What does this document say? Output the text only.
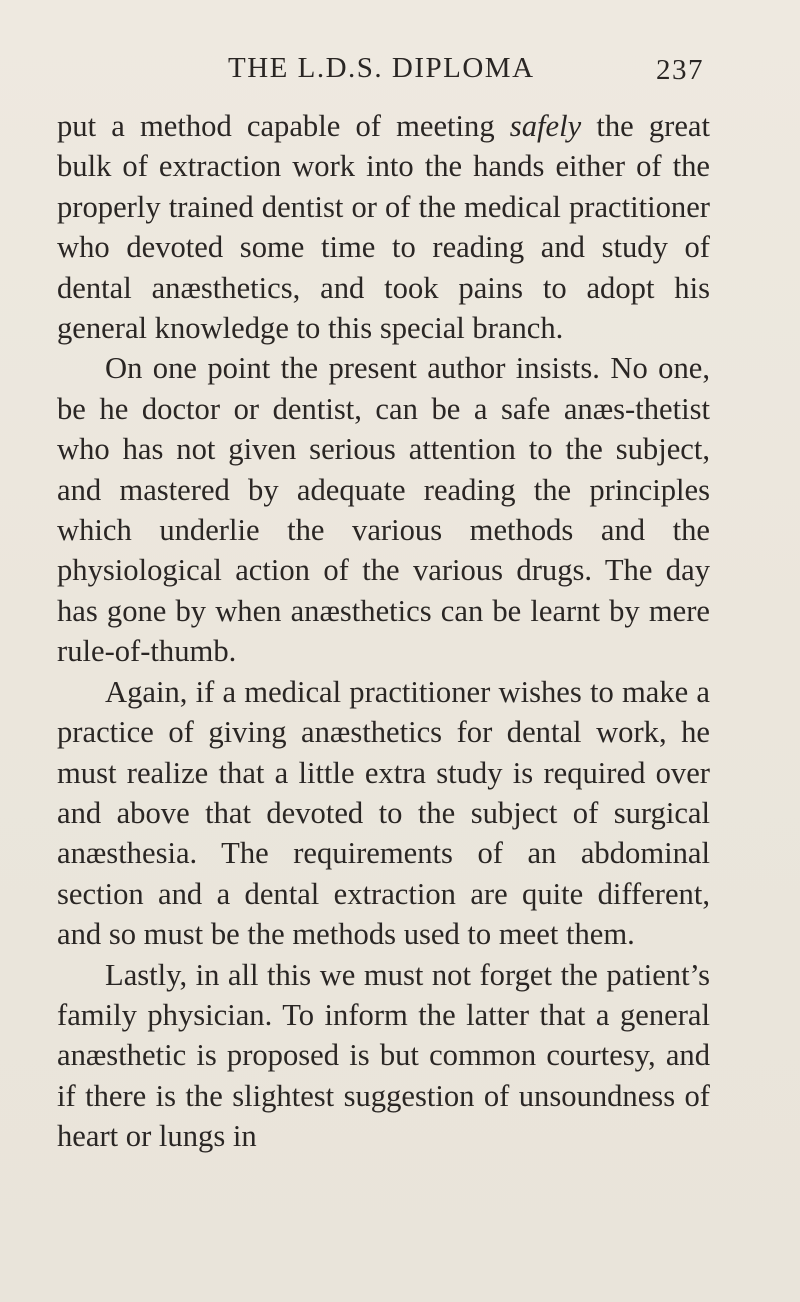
THE L.D.S. DIPLOMA	237

put a method capable of meeting safely the great bulk of extraction work into the hands either of the properly trained dentist or of the medical practitioner who devoted some time to reading and study of dental anæsthetics, and took pains to adopt his general knowledge to this special branch.

On one point the present author insists. No one, be he doctor or dentist, can be a safe anæs-thetist who has not given serious attention to the subject, and mastered by adequate reading the principles which underlie the various methods and the physiological action of the various drugs. The day has gone by when anæsthetics can be learnt by mere rule-of-thumb.

Again, if a medical practitioner wishes to make a practice of giving anæsthetics for dental work, he must realize that a little extra study is required over and above that devoted to the subject of surgical anæsthesia. The requirements of an abdominal section and a dental extraction are quite different, and so must be the methods used to meet them.

Lastly, in all this we must not forget the patient’s family physician. To inform the latter that a general anæsthetic is proposed is but common courtesy, and if there is the slightest suggestion of unsoundness of heart or lungs in
